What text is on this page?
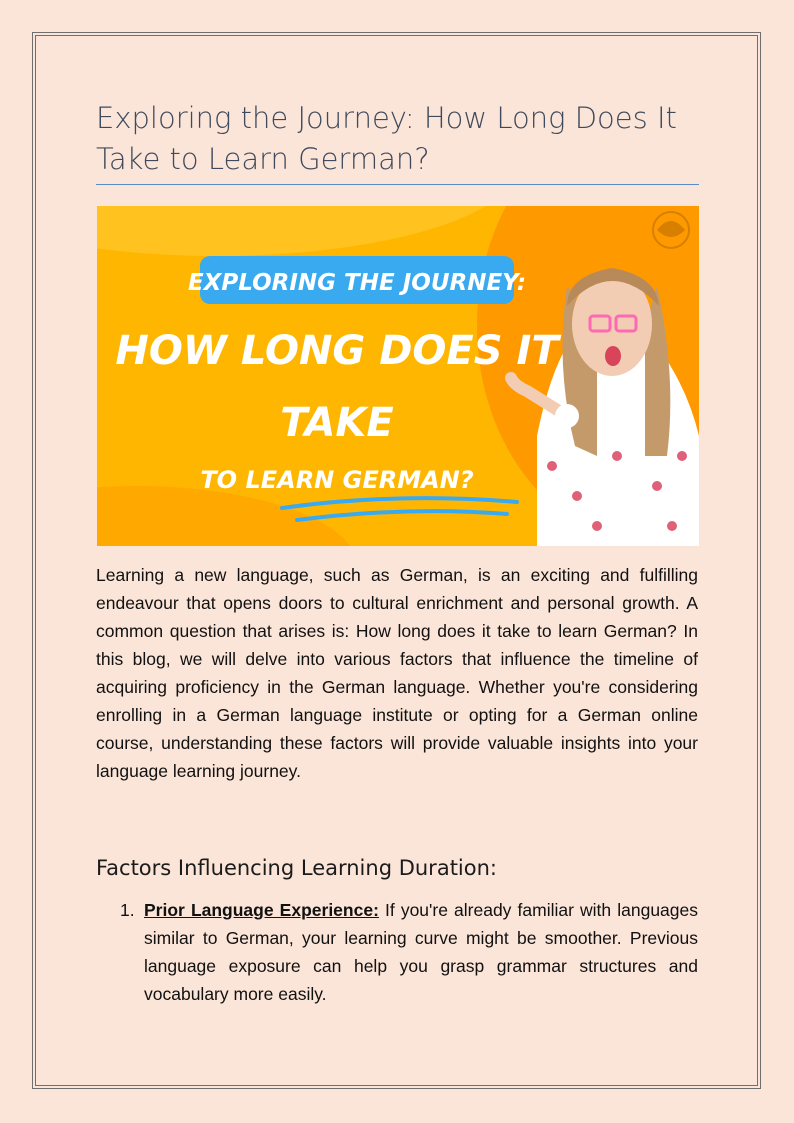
Exploring the Journey: How Long Does It Take to Learn German?
EXPLORING THE JOURNEY:
HOW LONG DOES IT
TAKE
TO LEARN GERMAN?

Learning a new language, such as German, is an exciting and fulfilling endeavour that opens doors to cultural enrichment and personal growth. A common question that arises is: How long does it take to learn German? In this blog, we will delve into various factors that influence the timeline of acquiring proficiency in the German language. Whether you're considering enrolling in a German language institute or opting for a German online course, understanding these factors will provide valuable insights into your language learning journey.

Factors Influencing Learning Duration:
1. Prior Language Experience: If you're already familiar with languages similar to German, your learning curve might be smoother. Previous language exposure can help you grasp grammar structures and vocabulary more easily.
